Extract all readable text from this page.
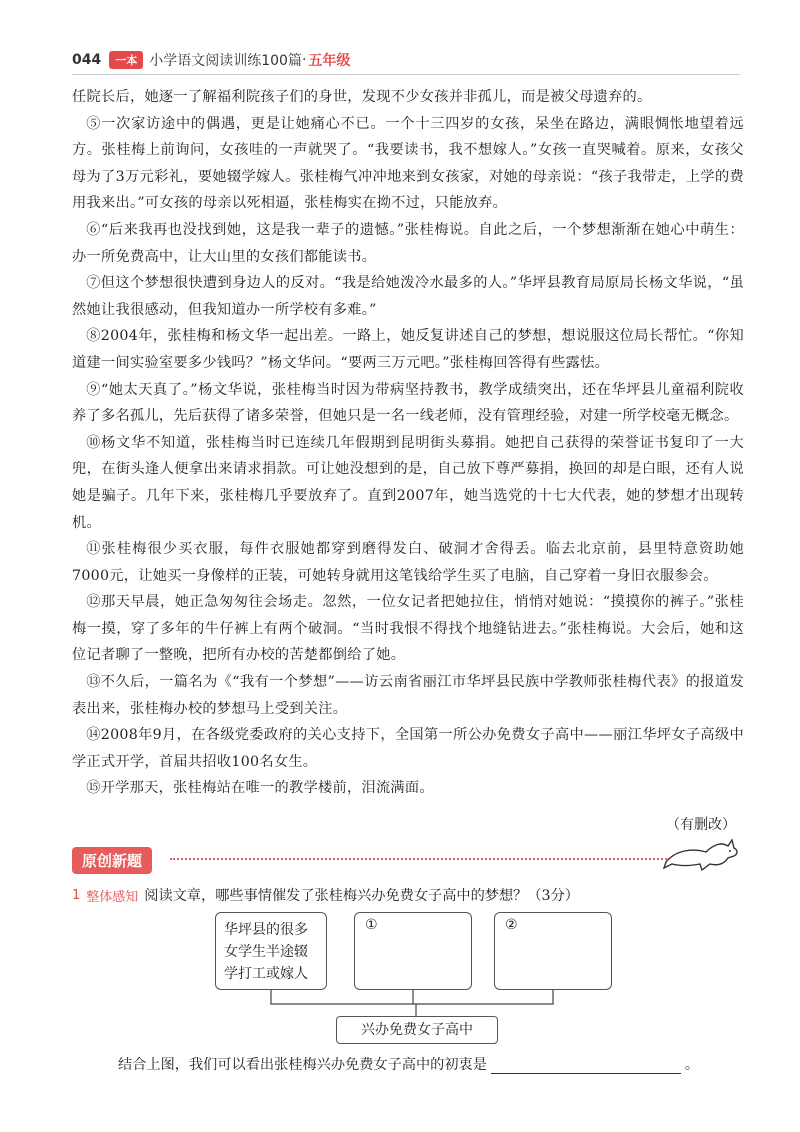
044	一本 小学语文阅读训练100篇 · 五年级

任院长后，她逐一了解福利院孩子们的身世，发现不少女孩并非孤儿，而是被父母遗弃的。

⑤一次家访途中的偶遇，更是让她痛心不已。一个十三四岁的女孩，呆坐在路边，满眼惆怅地望着远方。张桂梅上前询问，女孩哇的一声就哭了。“我要读书，我不想嫁人。”女孩一直哭喊着。原来，女孩父母为了3万元彩礼，要她辍学嫁人。张桂梅气冲冲地来到女孩家，对她的母亲说：“孩子我带走，上学的费用我来出。”可女孩的母亲以死相逼，张桂梅实在拗不过，只能放弃。

⑥“后来我再也没找到她，这是我一辈子的遗憾。”张桂梅说。自此之后，一个梦想渐渐在她心中萌生：办一所免费高中，让大山里的女孩们都能读书。

⑦但这个梦想很快遭到身边人的反对。“我是给她泼冷水最多的人。”华坪县教育局原局长杨文华说，“虽然她让我很感动，但我知道办一所学校有多难。”

⑧2004年，张桂梅和杨文华一起出差。一路上，她反复讲述自己的梦想，想说服这位局长帮忙。“你知道建一间实验室要多少钱吗？”杨文华问。“要两三万元吧。”张桂梅回答得有些露怯。

⑨“她太天真了。”杨文华说，张桂梅当时因为带病坚持教书，教学成绩突出，还在华坪县儿童福利院收养了多名孤儿，先后获得了诸多荣誉，但她只是一名一线老师，没有管理经验，对建一所学校毫无概念。

⑩杨文华不知道，张桂梅当时已连续几年假期到昆明街头募捐。她把自己获得的荣誉证书复印了一大兜，在街头逢人便拿出来请求捐款。可让她没想到的是，自己放下尊严募捐，换回的却是白眼，还有人说她是骗子。几年下来，张桂梅几乎要放弃了。直到2007年，她当选党的十七大代表，她的梦想才出现转机。

⑪张桂梅很少买衣服，每件衣服她都穿到磨得发白、破洞才舍得丢。临去北京前，县里特意资助她7000元，让她买一身像样的正装，可她转身就用这笔钱给学生买了电脑，自己穿着一身旧衣服参会。

⑫那天早晨，她正急匆匆往会场走。忽然，一位女记者把她拉住，悄悄对她说：“摸摸你的裤子。”张桂梅一摸，穿了多年的牛仔裤上有两个破洞。“当时我恨不得找个地缝钻进去。”张桂梅说。大会后，她和这位记者聊了一整晚，把所有办校的苦楚都倒给了她。

⑬不久后，一篇名为《“我有一个梦想”——访云南省丽江市华坪县民族中学教师张桂梅代表》的报道发表出来，张桂梅办校的梦想马上受到关注。

⑭2008年9月，在各级党委政府的关心支持下，全国第一所公办免费女子高中——丽江华坪女子高级中学正式开学，首届共招收100名女生。

⑮开学那天，张桂梅站在唯一的教学楼前，泪流满面。

（有删改）
原创新题
1 整体感知 阅读文章，哪些事情催发了张桂梅兴办免费女子高中的梦想？（3分）
华坪县的很多女学生半途辍学打工或嫁人
①	②
兴办免费女子高中
结合上图，我们可以看出张桂梅兴办免费女子高中的初衷是	。
